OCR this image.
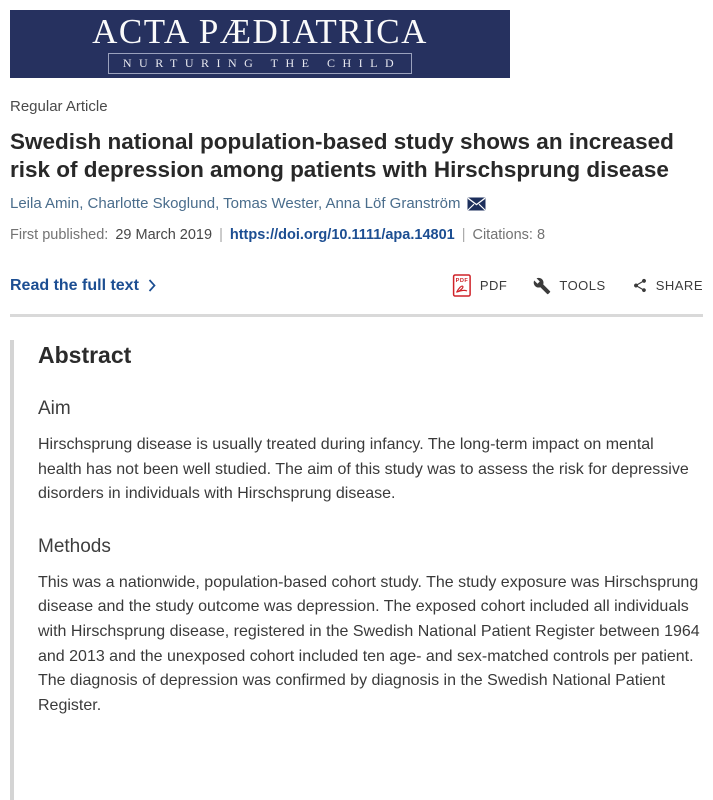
ACTA PÆDIATRICA
NURTURING THE CHILD
Regular Article
Swedish national population-based study shows an increased risk of depression among patients with Hirschsprung disease
Leila Amin, Charlotte Skoglund, Tomas Wester, Anna Löf Granström
First published: 29 March 2019 | https://doi.org/10.1111/apa.14801 | Citations: 8
Read the full text	PDF PDF	TOOLS	SHARE
Abstract
Aim

Hirschsprung disease is usually treated during infancy. The long-term impact on mental health has not been well studied. The aim of this study was to assess the risk for depressive disorders in individuals with Hirschsprung disease.

Methods

This was a nationwide, population-based cohort study. The study exposure was Hirschsprung disease and the study outcome was depression. The exposed cohort included all individuals with Hirschsprung disease, registered in the Swedish National Patient Register between 1964 and 2013 and the unexposed cohort included ten age- and sex-matched controls per patient. The diagnosis of depression was confirmed by diagnosis in the Swedish National Patient Register.
